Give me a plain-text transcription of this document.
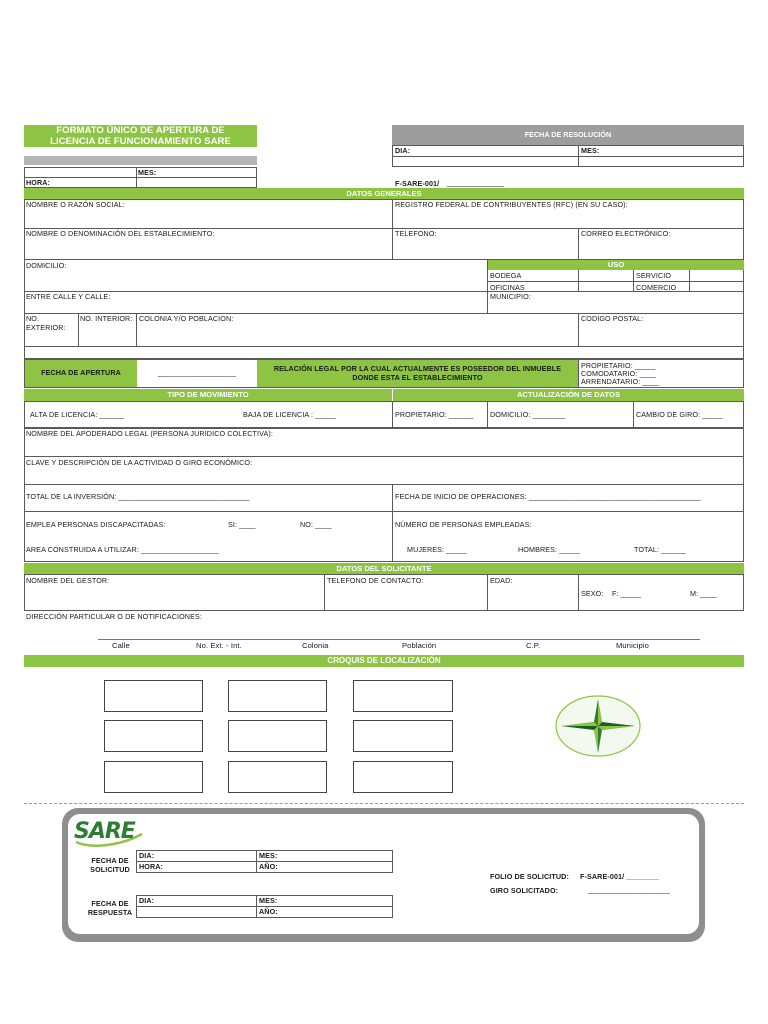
FORMATO ÚNICO DE APERTURA DE
LICENCIA DE FUNCIONAMIENTO SARE
MES:
HORA:
FECHA DE RESOLUCIÓN
DIA:	MES:
F-SARE-001/ ______________
DATOS GENERALES
NOMBRE O RAZÓN SOCIAL:	REGISTRO FEDERAL DE CONTRIBUYENTES (RFC) (EN SU CASO):
NOMBRE O DENOMINACIÓN DEL ESTABLECIMIENTO:	TELEFONO:	CORREO ELECTRÓNICO:
DOMICILIO:	USO
BODEGA	SERVICIO
OFICINAS	COMERCIO
ENTRE CALLE Y CALLE:	MUNICIPIO:
NO.
EXTERIOR:
NO. INTERIOR: COLONIA Y/O POBLACION:	CODIGO POSTAL:
FECHA DE APERTURA	___________________	RELACIÓN LEGAL POR LA CUAL ACTUALMENTE ES POSEEDOR DEL INMUEBLE
DONDE ESTA EL ESTABLECIMIENTO
PROPIETARIO: _____
COMODATARIO: ____
ARRENDATARIO: ____
TIPO DE MOVIMIENTO	ACTUALIZACIÓN DE DATOS
ALTA DE LICENCIA: ______	BAJA DE LICENCIA : _____	PROPIETARIO: ______ DOMICILIO: ________	CAMBIO DE GIRO: _____
NOMBRE DEL APODERADO LEGAL (PERSONA JURIDICO COLECTIVA):
CLAVE Y DESCRIPCIÓN DE LA ACTIVIDAD O GIRO ECONÓMICO:
TOTAL DE LA INVERSIÓN: ________________________________	FECHA DE INICIO DE OPERACIONES: __________________________________________
EMPLEA PERSONAS DISCAPACITADAS:	SI: ____	NO: ____	NÚMERO DE PERSONAS EMPLEADAS:
AREA CONSTRUIDA A UTILIZAR: ___________________	MUJERES: _____	HOMBRES: _____	TOTAL: ______
DATOS DEL SOLICITANTE
NOMBRE DEL GESTOR:	TELEFONO DE CONTACTO:	EDAD:
SEXO: F: _____	M: ____
DIRECCIÓN PARTICULAR O DE NOTIFICACIONES:
Calle	No. Ext. - Int.	Colonia	Población	C.P.	Municipio
CROQUIS DE LOCALIZACIÓN
SARE
FECHA DE
SOLICITUD
DIA:	MES:
HORA:	AÑO:
FECHA DE
RESPUESTA
DIA:	MES:
AÑO:
FOLIO DE SOLICITUD: F-SARE-001/ ________
GIRO SOLICITADO:	____________________
